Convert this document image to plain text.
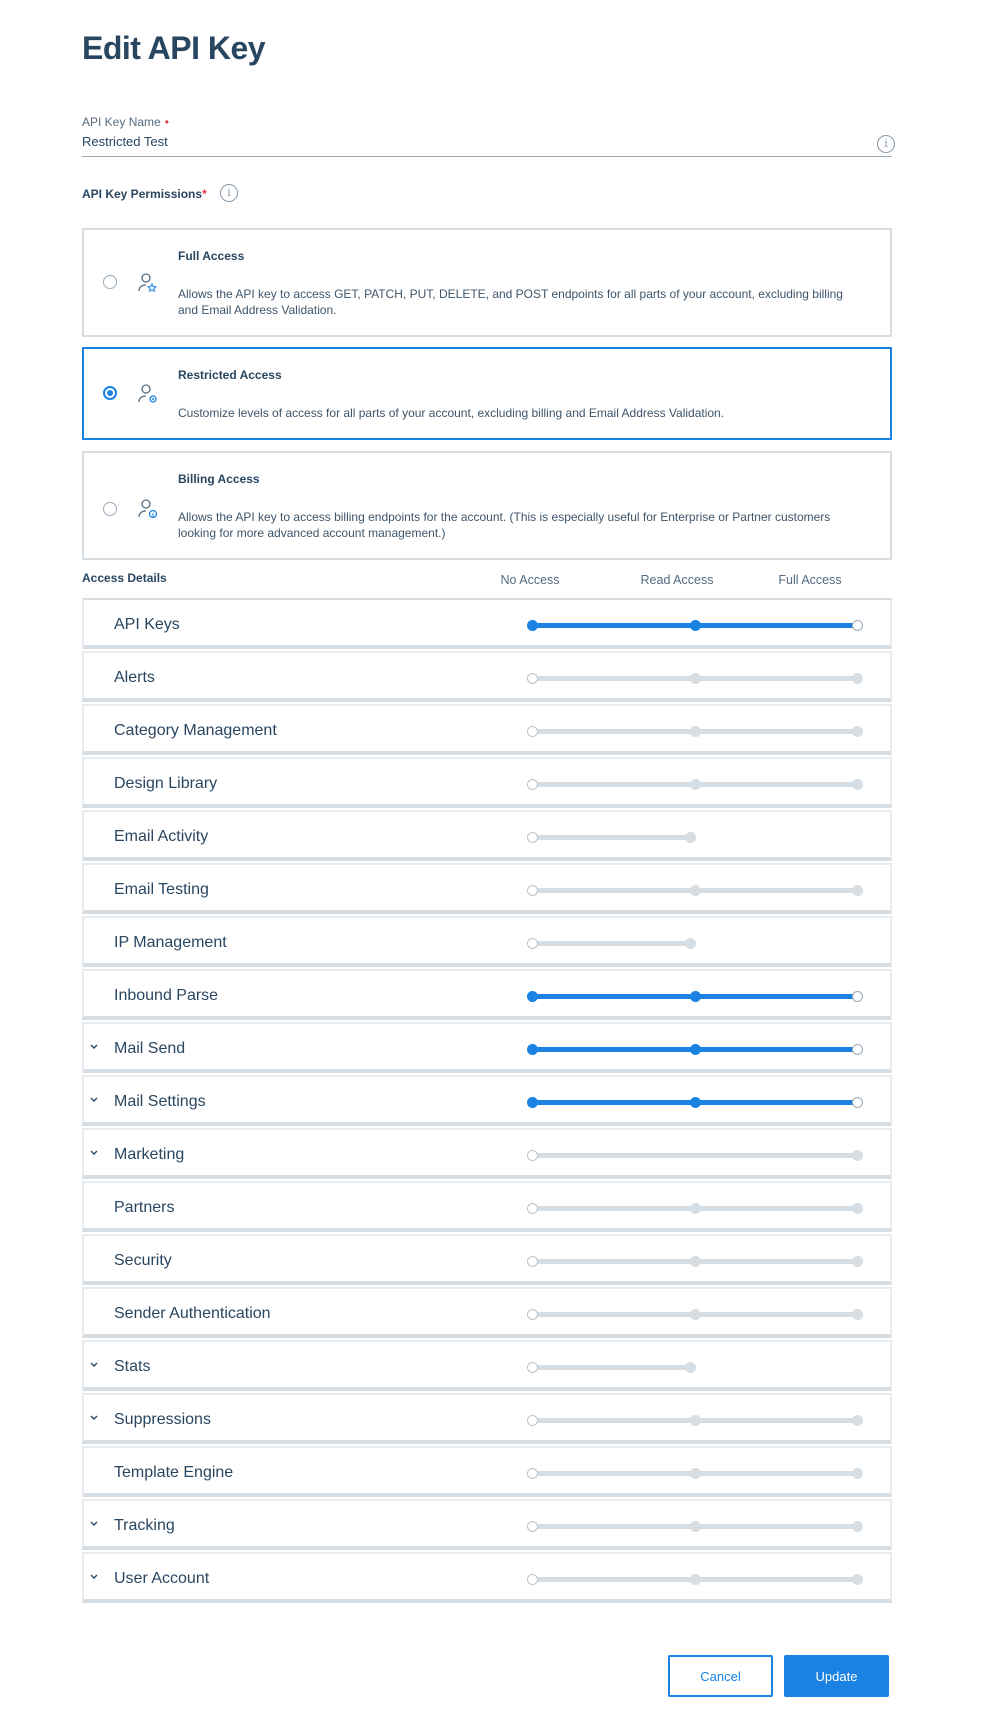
Edit API Key
API Key Name •
Restricted Test	i
API Key Permissions*	i
Full Access
Allows the API key to access GET, PATCH, PUT, DELETE, and POST endpoints for all parts of your account, excluding billing and Email Address Validation.
Restricted Access
Customize levels of access for all parts of your account, excluding billing and Email Address Validation.
$
Billing Access
Allows the API key to access billing endpoints for the account. (This is especially useful for Enterprise or Partner customers looking for more advanced account management.)
Access Details	No Access	Read Access	Full Access
API Keys
Alerts
Category Management
Design Library
Email Activity
Email Testing
IP Management
Inbound Parse
Mail Send
Mail Settings
Marketing
Partners
Security
Sender Authentication
Stats
Suppressions
Template Engine
Tracking
User Account
Cancel	Update
